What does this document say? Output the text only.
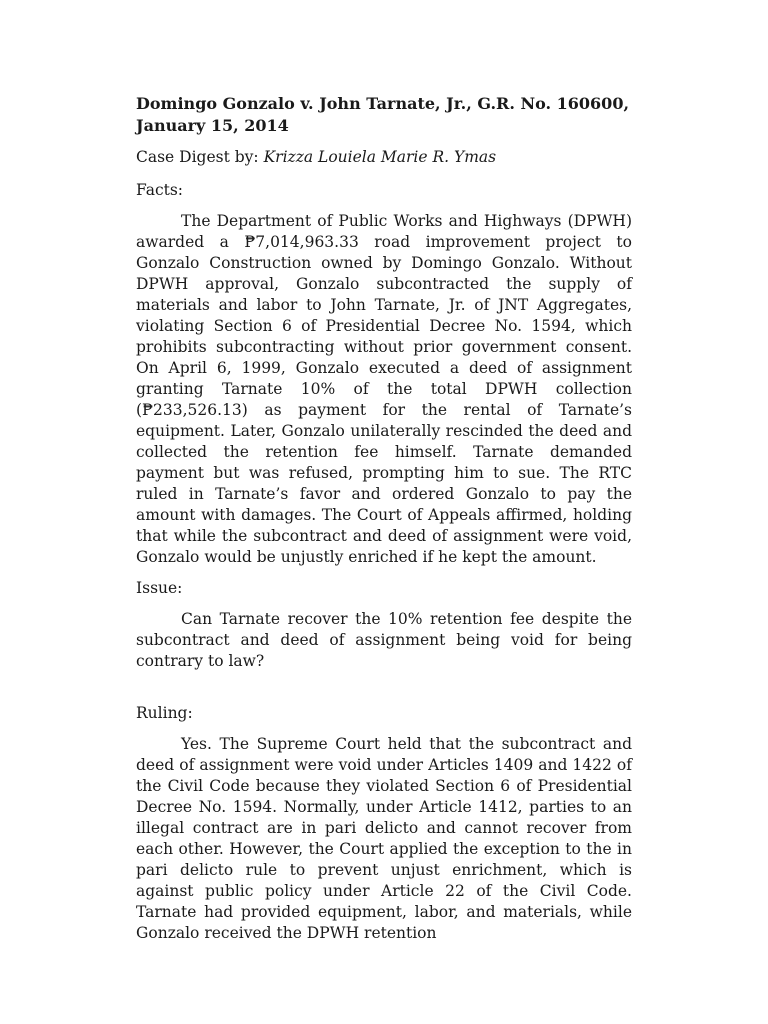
Domingo Gonzalo v. John Tarnate, Jr., G.R. No. 160600, January 15, 2014
Case Digest by: Krizza Louiela Marie R. Ymas
Facts:
The Department of Public Works and Highways (DPWH) awarded a ₱7,014,963.33 road improvement project to Gonzalo Construction owned by Domingo Gonzalo. Without DPWH approval, Gonzalo subcontracted the supply of materials and labor to John Tarnate, Jr. of JNT Aggregates, violating Section 6 of Presidential Decree No. 1594, which prohibits subcontracting without prior government consent. On April 6, 1999, Gonzalo executed a deed of assignment granting Tarnate 10% of the total DPWH collection (₱233,526.13) as payment for the rental of Tarnate’s equipment. Later, Gonzalo unilaterally rescinded the deed and collected the retention fee himself. Tarnate demanded payment but was refused, prompting him to sue. The RTC ruled in Tarnate’s favor and ordered Gonzalo to pay the amount with damages. The Court of Appeals affirmed, holding that while the subcontract and deed of assignment were void, Gonzalo would be unjustly enriched if he kept the amount.
Issue:
Can Tarnate recover the 10% retention fee despite the subcontract and deed of assignment being void for being contrary to law?
Ruling:
Yes. The Supreme Court held that the subcontract and deed of assignment were void under Articles 1409 and 1422 of the Civil Code because they violated Section 6 of Presidential Decree No. 1594. Normally, under Article 1412, parties to an illegal contract are in pari delicto and cannot recover from each other. However, the Court applied the exception to the in pari delicto rule to prevent unjust enrichment, which is against public policy under Article 22 of the Civil Code. Tarnate had provided equipment, labor, and materials, while Gonzalo received the DPWH retention
